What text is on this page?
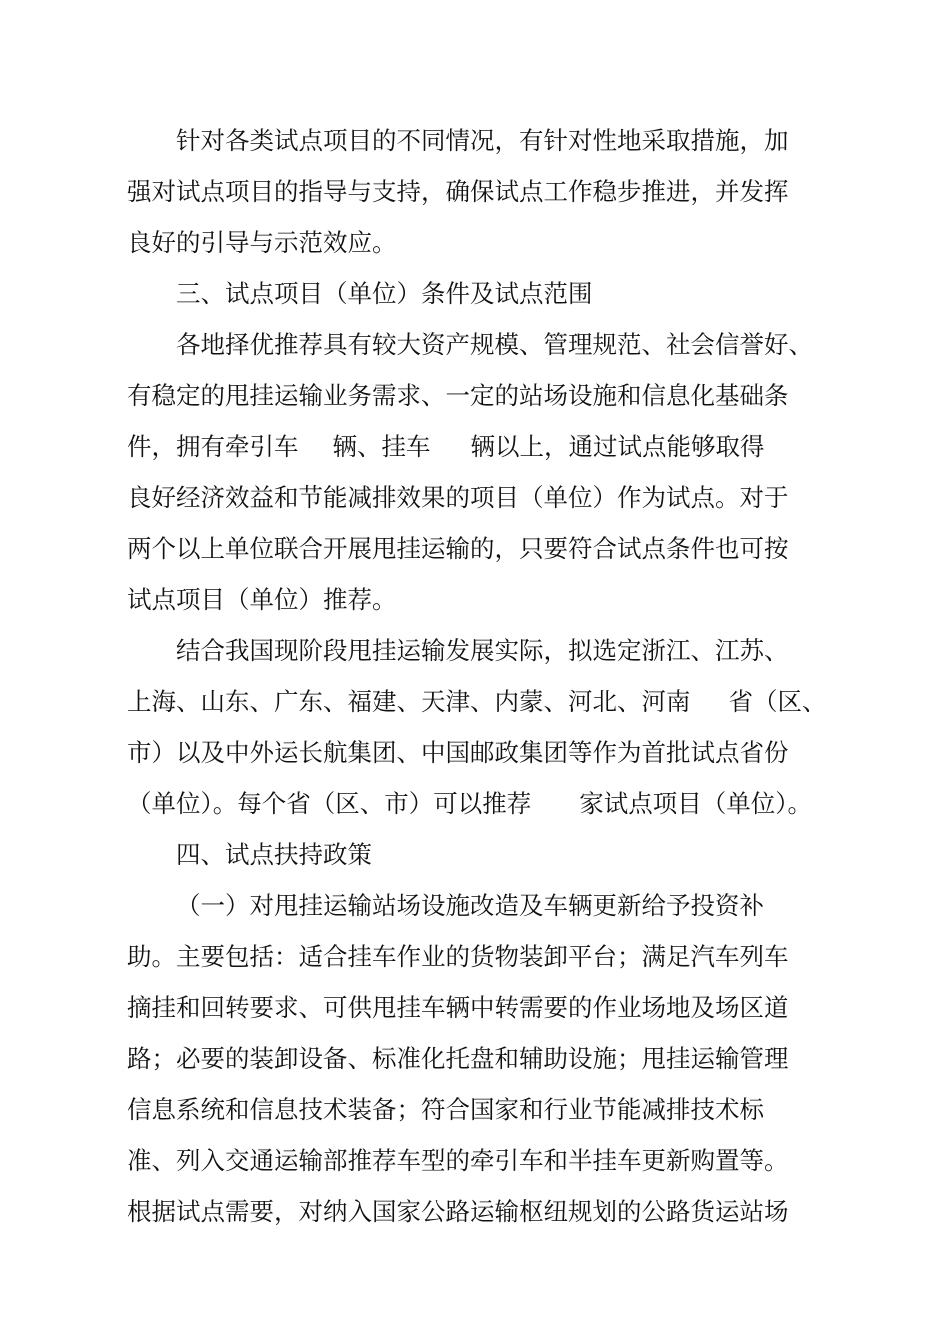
针对各类试点项目的不同情况，有针对性地采取措施，加
强对试点项目的指导与支持，确保试点工作稳步推进，并发挥
良好的引导与示范效应。
三、试点项目（单位）条件及试点范围
各地择优推荐具有较大资产规模、管理规范、社会信誉好、
有稳定的甩挂运输业务需求、一定的站场设施和信息化基础条
件，拥有牵引车 辆、挂车 辆以上，通过试点能够取得
良好经济效益和节能减排效果的项目（单位）作为试点。对于
两个以上单位联合开展甩挂运输的，只要符合试点条件也可按
试点项目（单位）推荐。
结合我国现阶段甩挂运输发展实际，拟选定浙江、江苏、
上海、山东、广东、福建、天津、内蒙、河北、河南 省（区、
市）以及中外运长航集团、中国邮政集团等作为首批试点省份
（单位）。每个省（区、市）可以推荐 家试点项目（单位）。
四、试点扶持政策
（一）对甩挂运输站场设施改造及车辆更新给予投资补
助。主要包括：适合挂车作业的货物装卸平台；满足汽车列车
摘挂和回转要求、可供甩挂车辆中转需要的作业场地及场区道
路；必要的装卸设备、标准化托盘和辅助设施；甩挂运输管理
信息系统和信息技术装备；符合国家和行业节能减排技术标
准、列入交通运输部推荐车型的牵引车和半挂车更新购置等。
根据试点需要，对纳入国家公路运输枢纽规划的公路货运站场
